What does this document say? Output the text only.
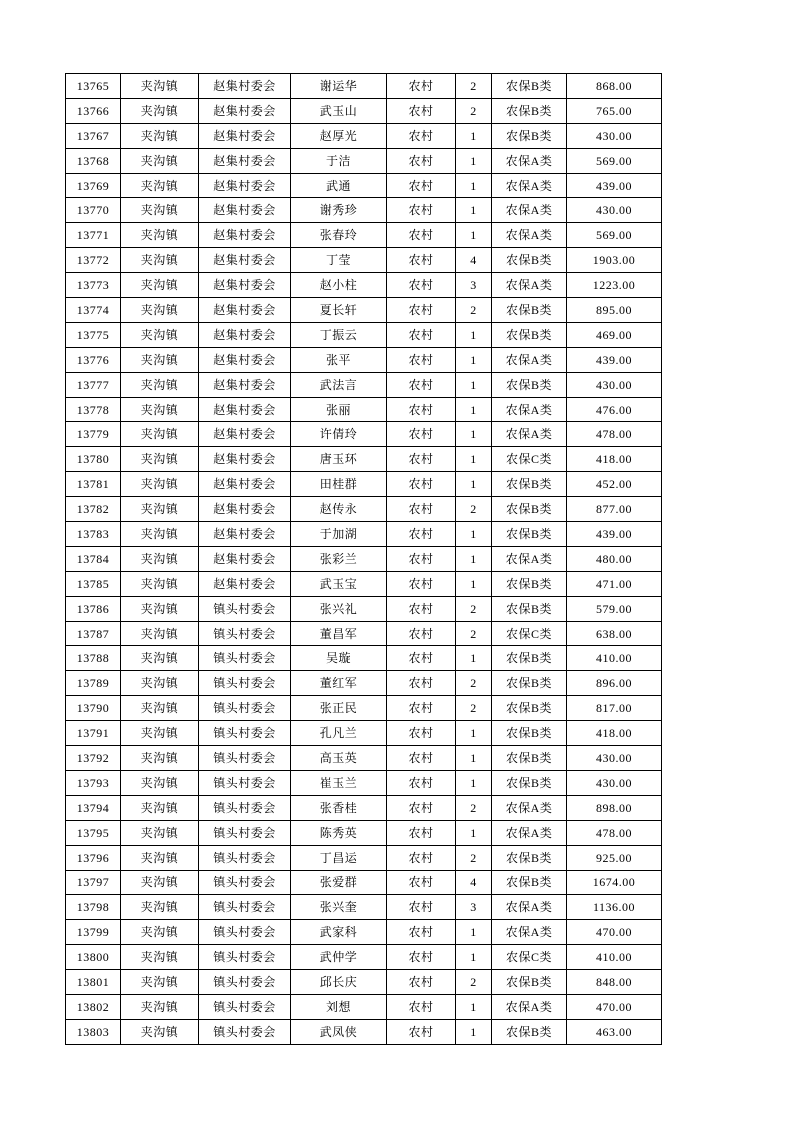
13765	夹沟镇	赵集村委会	谢运华	农村	2	农保B类	868.00
13766	夹沟镇	赵集村委会	武玉山	农村	2	农保B类	765.00
13767	夹沟镇	赵集村委会	赵厚光	农村	1	农保B类	430.00
13768	夹沟镇	赵集村委会	于洁	农村	1	农保A类	569.00
13769	夹沟镇	赵集村委会	武通	农村	1	农保A类	439.00
13770	夹沟镇	赵集村委会	谢秀珍	农村	1	农保A类	430.00
13771	夹沟镇	赵集村委会	张春玲	农村	1	农保A类	569.00
13772	夹沟镇	赵集村委会	丁莹	农村	4	农保B类	1903.00
13773	夹沟镇	赵集村委会	赵小柱	农村	3	农保A类	1223.00
13774	夹沟镇	赵集村委会	夏长轩	农村	2	农保B类	895.00
13775	夹沟镇	赵集村委会	丁振云	农村	1	农保B类	469.00
13776	夹沟镇	赵集村委会	张平	农村	1	农保A类	439.00
13777	夹沟镇	赵集村委会	武法言	农村	1	农保B类	430.00
13778	夹沟镇	赵集村委会	张丽	农村	1	农保A类	476.00
13779	夹沟镇	赵集村委会	许倩玲	农村	1	农保A类	478.00
13780	夹沟镇	赵集村委会	唐玉环	农村	1	农保C类	418.00
13781	夹沟镇	赵集村委会	田桂群	农村	1	农保B类	452.00
13782	夹沟镇	赵集村委会	赵传永	农村	2	农保B类	877.00
13783	夹沟镇	赵集村委会	于加湖	农村	1	农保B类	439.00
13784	夹沟镇	赵集村委会	张彩兰	农村	1	农保A类	480.00
13785	夹沟镇	赵集村委会	武玉宝	农村	1	农保B类	471.00
13786	夹沟镇	镇头村委会	张兴礼	农村	2	农保B类	579.00
13787	夹沟镇	镇头村委会	董昌军	农村	2	农保C类	638.00
13788	夹沟镇	镇头村委会	吴璇	农村	1	农保B类	410.00
13789	夹沟镇	镇头村委会	董红军	农村	2	农保B类	896.00
13790	夹沟镇	镇头村委会	张正民	农村	2	农保B类	817.00
13791	夹沟镇	镇头村委会	孔凡兰	农村	1	农保B类	418.00
13792	夹沟镇	镇头村委会	高玉英	农村	1	农保B类	430.00
13793	夹沟镇	镇头村委会	崔玉兰	农村	1	农保B类	430.00
13794	夹沟镇	镇头村委会	张香桂	农村	2	农保A类	898.00
13795	夹沟镇	镇头村委会	陈秀英	农村	1	农保A类	478.00
13796	夹沟镇	镇头村委会	丁昌运	农村	2	农保B类	925.00
13797	夹沟镇	镇头村委会	张爱群	农村	4	农保B类	1674.00
13798	夹沟镇	镇头村委会	张兴奎	农村	3	农保A类	1136.00
13799	夹沟镇	镇头村委会	武家科	农村	1	农保A类	470.00
13800	夹沟镇	镇头村委会	武仲学	农村	1	农保C类	410.00
13801	夹沟镇	镇头村委会	邱长庆	农村	2	农保B类	848.00
13802	夹沟镇	镇头村委会	刘想	农村	1	农保A类	470.00
13803	夹沟镇	镇头村委会	武凤侠	农村	1	农保B类	463.00
